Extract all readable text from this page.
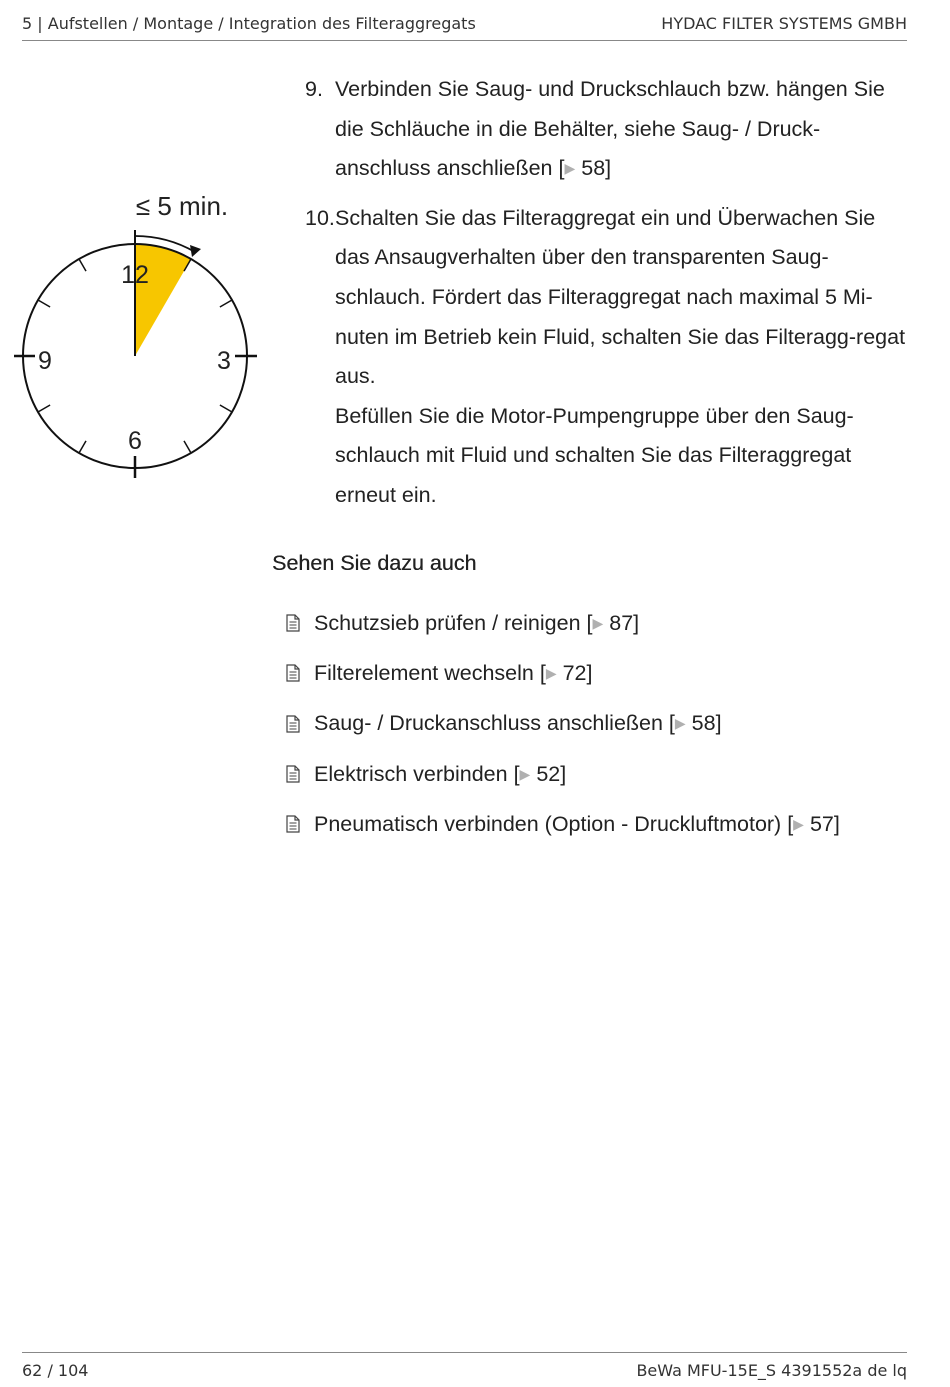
5 | Aufstellen / Montage / Integration des Filteraggregats	HYDAC FILTER SYSTEMS GMBH
≤ 5 min.
12
3
6
9
9. Verbinden Sie Saug- und Druckschlauch bzw. hängen Sie die Schläuche in die Behälter, siehe Saug- / Druck-anschluss anschließen [▶ 58]

10. Schalten Sie das Filteraggregat ein und Überwachen Sie das Ansaugverhalten über den transparenten Saug-schlauch. Fördert das Filteraggregat nach maximal 5 Mi-nuten im Betrieb kein Fluid, schalten Sie das Filteragg-regat aus.

Befüllen Sie die Motor-Pumpengruppe über den Saug-schlauch mit Fluid und schalten Sie das Filteraggregat erneut ein.

Sehen Sie dazu auch
Schutzsieb prüfen / reinigen [ ▶
87]
Filterelement wechseln [ ▶
72]
Saug- / Druckanschluss anschließen [ ▶
58]
Elektrisch verbinden [ ▶
52]
Pneumatisch verbinden (Option - Druckluftmotor) [ ▶
57]
62 / 104	BeWa MFU-15E_S 4391552a de lq
